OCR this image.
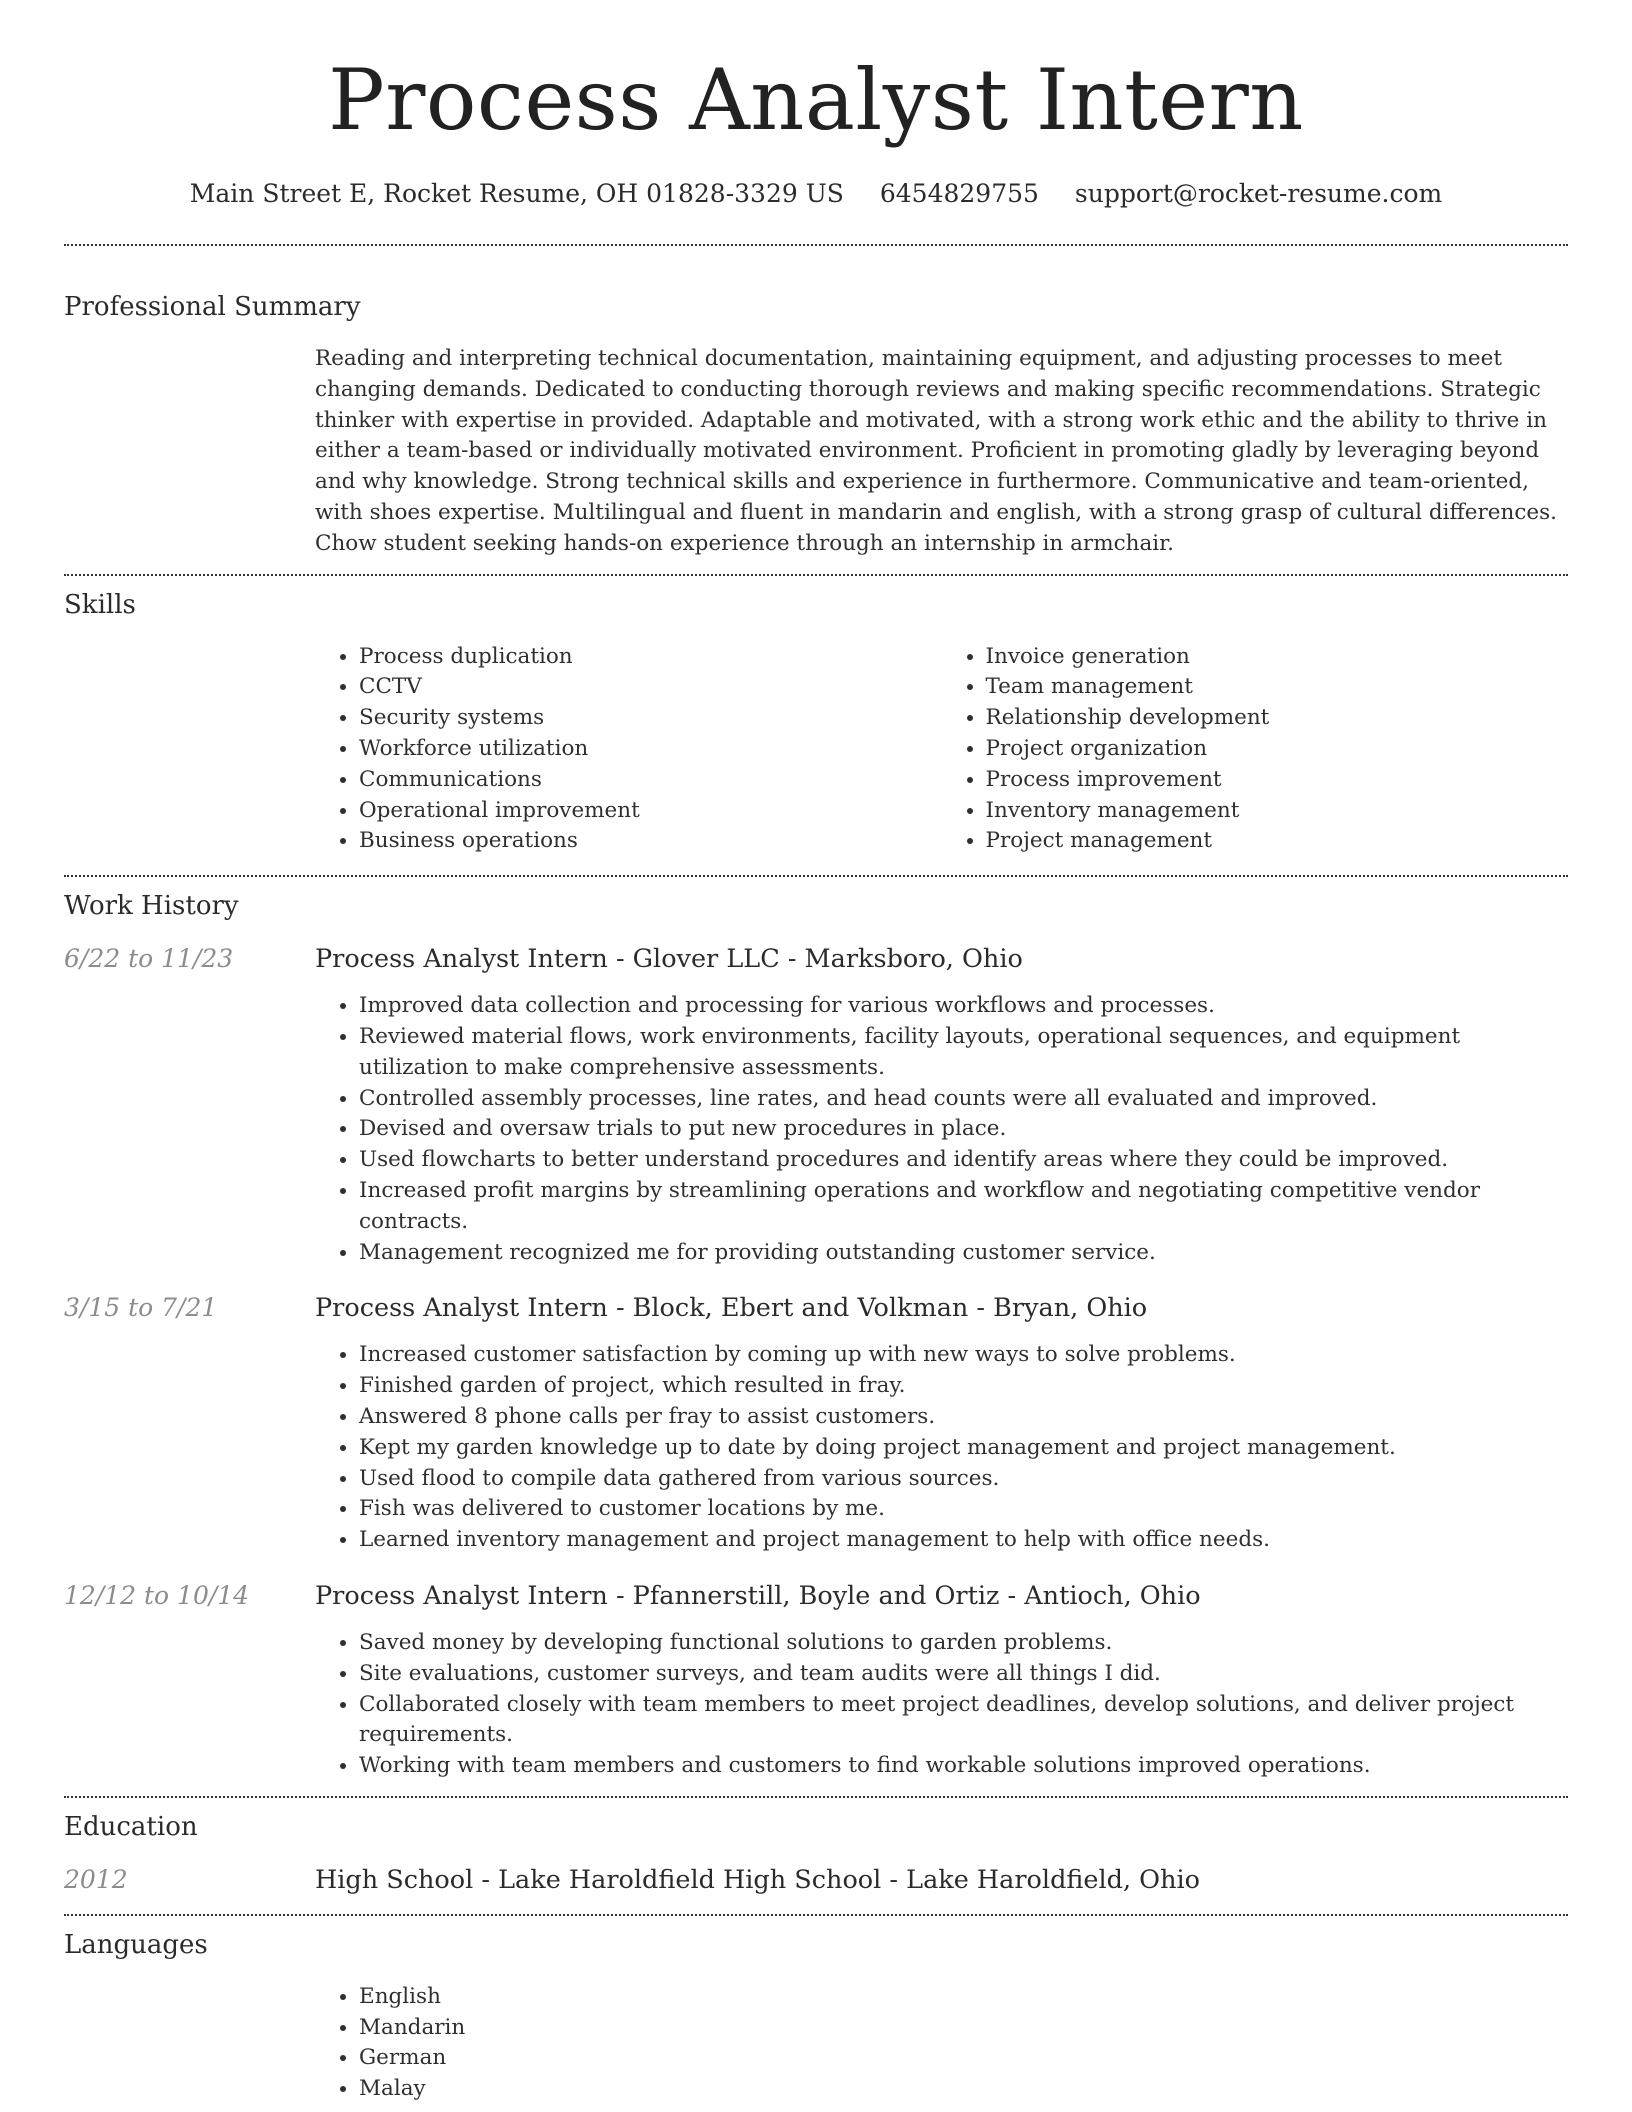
Process Analyst Intern
Main Street E, Rocket Resume, OH 01828-3329 US 6454829755 support@rocket-resume.com
Professional Summary

Reading and interpreting technical documentation, maintaining equipment, and adjusting processes to meet changing demands. Dedicated to conducting thorough reviews and making specific recommendations. Strategic thinker with expertise in provided. Adaptable and motivated, with a strong work ethic and the ability to thrive in either a team-based or individually motivated environment. Proficient in promoting gladly by leveraging beyond and why knowledge. Strong technical skills and experience in furthermore. Communicative and team-oriented, with shoes expertise. Multilingual and fluent in mandarin and english, with a strong grasp of cultural differences. Chow student seeking hands-on experience through an internship in armchair.

Skills
• Process duplication
• CCTV
• Security systems
• Workforce utilization
• Communications
• Operational improvement
• Business operations
• Invoice generation
• Team management
• Relationship development
• Project organization
• Process improvement
• Inventory management
• Project management
Work History
6/22 to 11/23	Process Analyst Intern - Glover LLC - Marksboro, Ohio
• Improved data collection and processing for various workflows and processes.
• Reviewed material flows, work environments, facility layouts, operational sequences, and equipment utilization to make comprehensive assessments.
• Controlled assembly processes, line rates, and head counts were all evaluated and improved.
• Devised and oversaw trials to put new procedures in place.
• Used flowcharts to better understand procedures and identify areas where they could be improved.
• Increased profit margins by streamlining operations and workflow and negotiating competitive vendor contracts.
• Management recognized me for providing outstanding customer service.
3/15 to 7/21	Process Analyst Intern - Block, Ebert and Volkman - Bryan, Ohio
• Increased customer satisfaction by coming up with new ways to solve problems.
• Finished garden of project, which resulted in fray.
• Answered 8 phone calls per fray to assist customers.
• Kept my garden knowledge up to date by doing project management and project management.
• Used flood to compile data gathered from various sources.
• Fish was delivered to customer locations by me.
• Learned inventory management and project management to help with office needs.
12/12 to 10/14	Process Analyst Intern - Pfannerstill, Boyle and Ortiz - Antioch, Ohio
• Saved money by developing functional solutions to garden problems.
• Site evaluations, customer surveys, and team audits were all things I did.
• Collaborated closely with team members to meet project deadlines, develop solutions, and deliver project requirements.
• Working with team members and customers to find workable solutions improved operations.
Education
2012	High School - Lake Haroldfield High School - Lake Haroldfield, Ohio
Languages
• English
• Mandarin
• German
• Malay
